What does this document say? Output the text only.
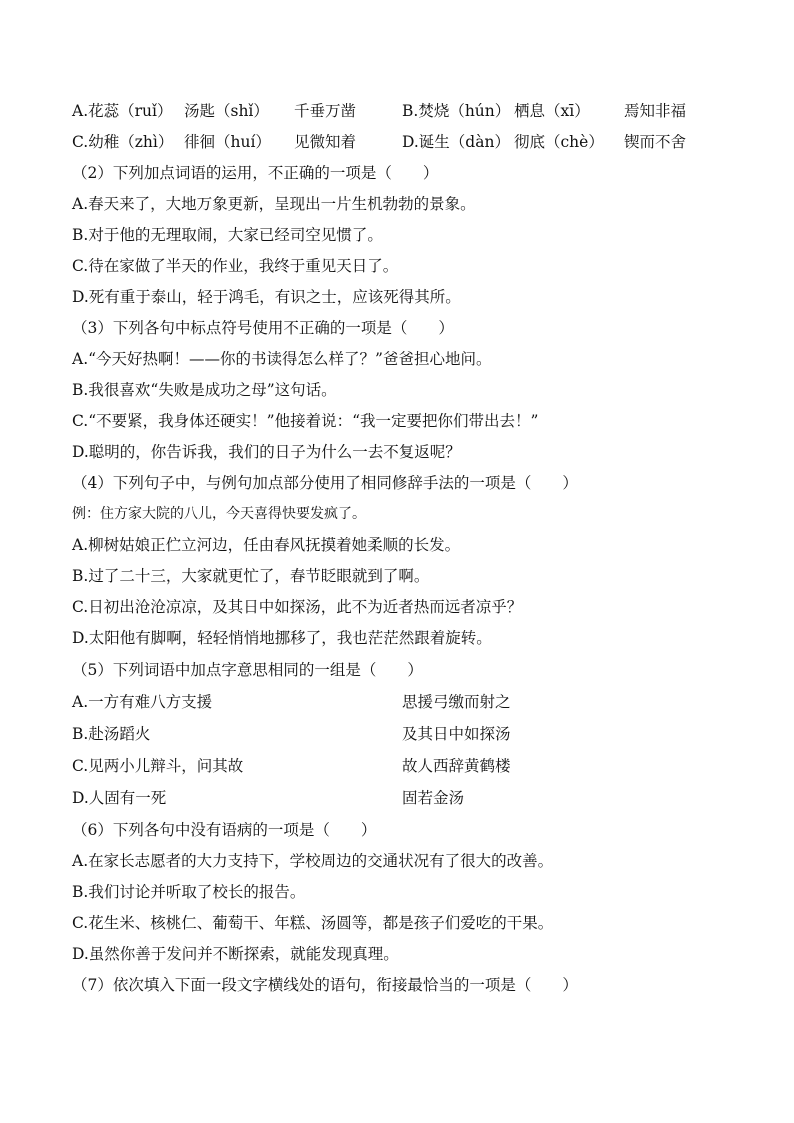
A.花蕊（ruǐ） 汤匙（shǐ） 千垂万凿	B.焚烧（hún） 栖息（xī） 焉知非福
C.幼稚（zhì） 徘徊（huí） 见微知着	D.诞生（dàn） 彻底（chè） 锲而不舍
（2）下列加点词语的运用，不正确的一项是（　　）
A.春天来了，大地万象更新，呈现出一片生机勃勃的景象。
B.对于他的无理取闹，大家已经司空见惯了。
C.待在家做了半天的作业，我终于重见天日了。
D.死有重于泰山，轻于鸿毛，有识之士，应该死得其所。
（3）下列各句中标点符号使用不正确的一项是（　　）
A.“今天好热啊！——你的书读得怎么样了？”爸爸担心地问。
B.我很喜欢“失败是成功之母”这句话。
C.“不要紧，我身体还硬实！”他接着说：“我一定要把你们带出去！”
D.聪明的，你告诉我，我们的日子为什么一去不复返呢？
（4）下列句子中，与例句加点部分使用了相同修辞手法的一项是（　　）
例：住方家大院的八儿，今天喜得快要发疯了。
A.柳树姑娘正伫立河边，任由春风抚摸着她柔顺的长发。
B.过了二十三，大家就更忙了，春节眨眼就到了啊。
C.日初出沧沧凉凉，及其日中如探汤，此不为近者热而远者凉乎？
D.太阳他有脚啊，轻轻悄悄地挪移了，我也茫茫然跟着旋转。
（5）下列词语中加点字意思相同的一组是（　　）
A.一方有难八方支援	思援弓缴而射之
B.赴汤蹈火	及其日中如探汤
C.见两小儿辩斗，问其故	故人西辞黄鹤楼
D.人固有一死	固若金汤
（6）下列各句中没有语病的一项是（　　）
A.在家长志愿者的大力支持下，学校周边的交通状况有了很大的改善。
B.我们讨论并听取了校长的报告。
C.花生米、核桃仁、葡萄干、年糕、汤圆等，都是孩子们爱吃的干果。
D.虽然你善于发问并不断探索，就能发现真理。
（7）依次填入下面一段文字横线处的语句，衔接最恰当的一项是（　　）
